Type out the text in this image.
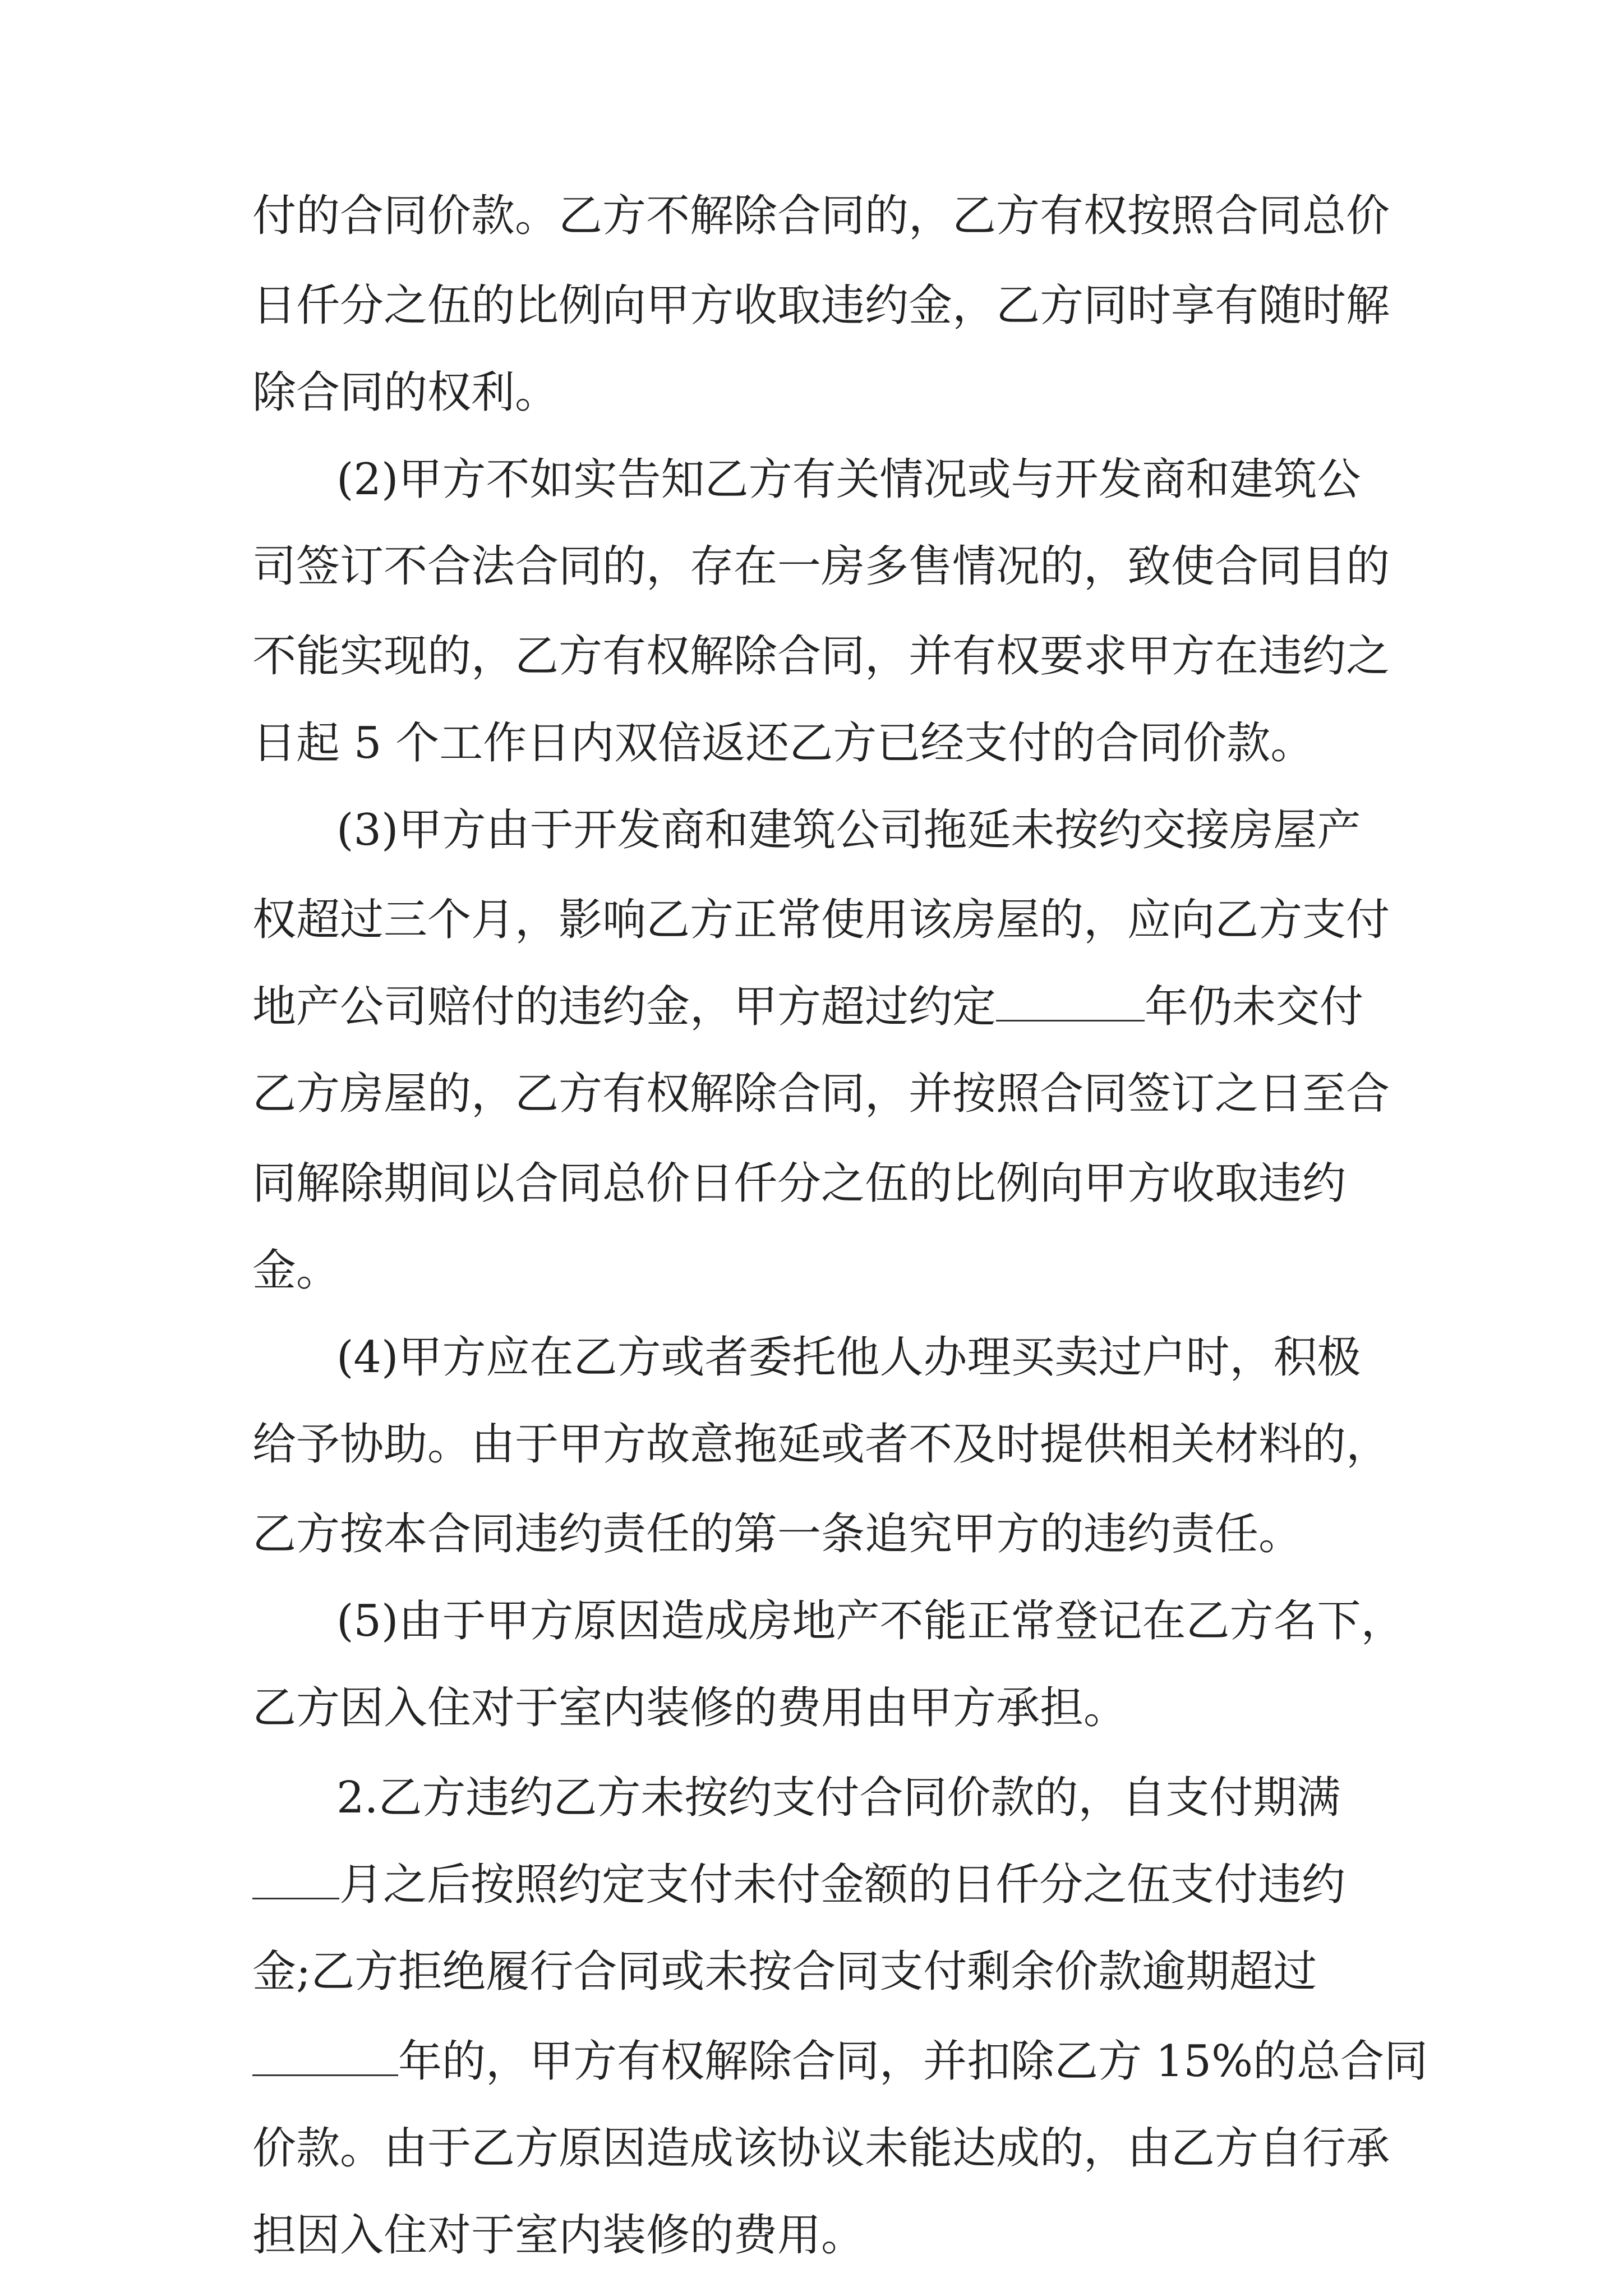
付的合同价款。乙方不解除合同的，乙方有权按照合同总价
日仟分之伍的比例向甲方收取违约金，乙方同时享有随时解
除合同的权利。
(2)甲方不如实告知乙方有关情况或与开发商和建筑公
司签订不合法合同的，存在一房多售情况的，致使合同目的
不能实现的，乙方有权解除合同，并有权要求甲方在违约之
日起 5 个工作日内双倍返还乙方已经支付的合同价款。
(3)甲方由于开发商和建筑公司拖延未按约交接房屋产
权超过三个月，影响乙方正常使用该房屋的，应向乙方支付
地产公司赔付的违约金，甲方超过约定	年仍未交付
乙方房屋的，乙方有权解除合同，并按照合同签订之日至合
同解除期间以合同总价日仟分之伍的比例向甲方收取违约
金。
(4)甲方应在乙方或者委托他人办理买卖过户时，积极
给予协助。由于甲方故意拖延或者不及时提供相关材料的，
乙方按本合同违约责任的第一条追究甲方的违约责任。
(5)由于甲方原因造成房地产不能正常登记在乙方名下，
乙方因入住对于室内装修的费用由甲方承担。
2.乙方违约乙方未按约支付合同价款的，自支付期满
月之后按照约定支付未付金额的日仟分之伍支付违约
金;乙方拒绝履行合同或未按合同支付剩余价款逾期超过
年的，甲方有权解除合同，并扣除乙方 15%的总合同
价款。由于乙方原因造成该协议未能达成的，由乙方自行承
担因入住对于室内装修的费用。
